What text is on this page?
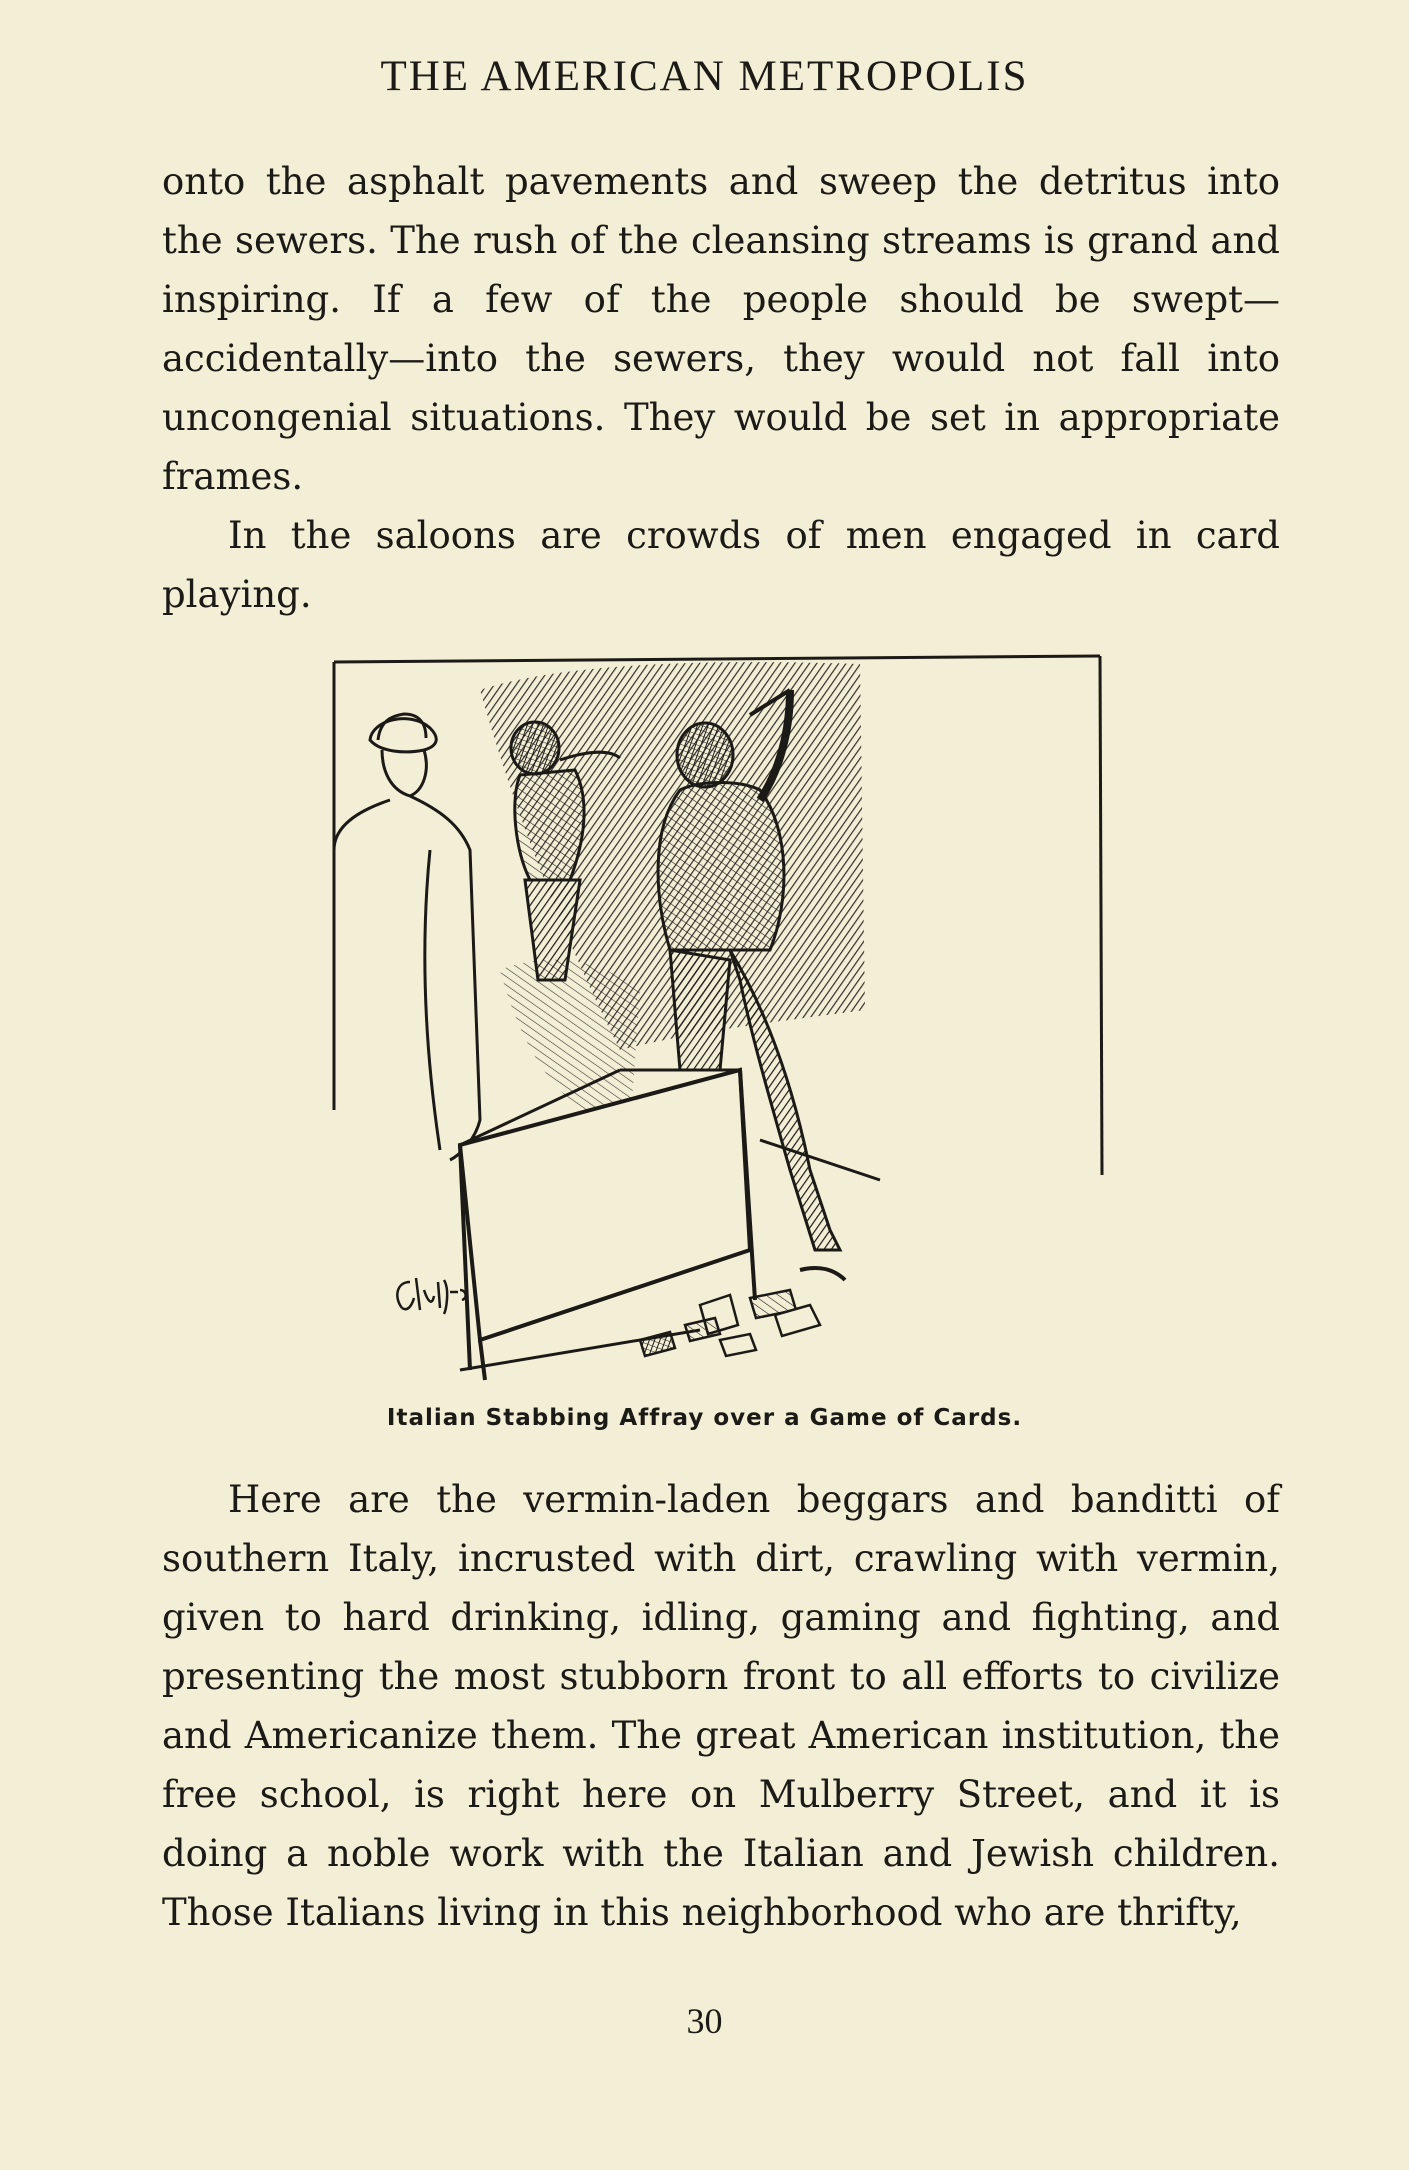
THE AMERICAN METROPOLIS

onto the asphalt pavements and sweep the detritus into the sewers. The rush of the cleansing streams is grand and inspiring. If a few of the people should be swept—accidentally—into the sewers, they would not fall into uncongenial situations. They would be set in appropriate frames.

In the saloons are crowds of men engaged in card playing.

Italian Stabbing Affray over a Game of Cards.

Here are the vermin-laden beggars and banditti of southern Italy, incrusted with dirt, crawling with vermin, given to hard drinking, idling, gaming and fighting, and presenting the most stubborn front to all efforts to civilize and Americanize them. The great American institution, the free school, is right here on Mulberry Street, and it is doing a noble work with the Italian and Jewish children. Those Italians living in this neighborhood who are thrifty,

30
